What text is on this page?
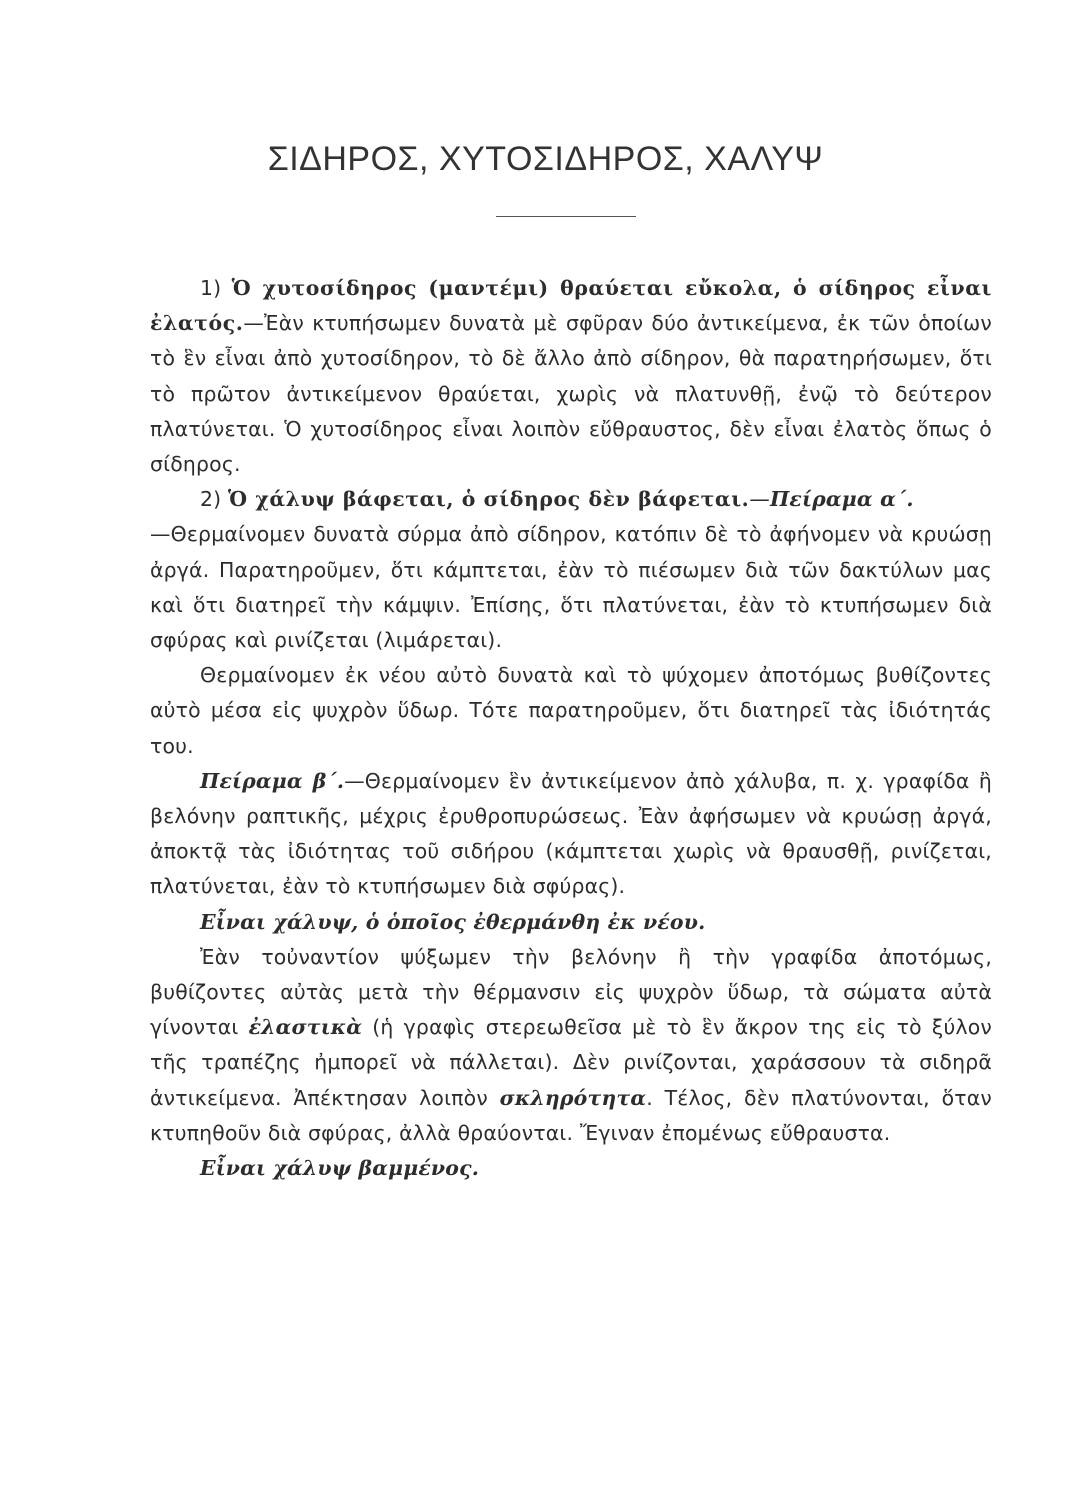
ΣΙΔΗΡΟΣ, ΧΥΤΟΣΙΔΗΡΟΣ, ΧΑΛΥΨ

1) Ὁ χυτοσίδηρος (μαντέμι) θραύεται εὔκολα, ὁ σίδηρος εἶναι ἐλατός.—Ἐὰν κτυπήσωμεν δυνατὰ μὲ σφῦραν δύο ἀντικείμενα, ἐκ τῶν ὁποίων τὸ ἓν εἶναι ἀπὸ χυτοσίδηρον, τὸ δὲ ἄλλο ἀπὸ σίδηρον, θὰ παρατηρήσωμεν, ὅτι τὸ πρῶτον ἀντικείμενον θραύεται, χωρὶς νὰ πλατυνθῇ, ἐνῷ τὸ δεύτερον πλατύνεται. Ὁ χυτοσίδηρος εἶναι λοιπὸν εὔθραυστος, δὲν εἶναι ἐλατὸς ὅπως ὁ σίδηρος.

2) Ὁ χάλυψ βάφεται, ὁ σίδηρος δὲν βάφεται.—Πείραμα α΄.

—Θερμαίνομεν δυνατὰ σύρμα ἀπὸ σίδηρον, κατόπιν δὲ τὸ ἀφήνομεν νὰ κρυώσῃ ἀργά. Παρατηροῦμεν, ὅτι κάμπτεται, ἐὰν τὸ πιέσωμεν διὰ τῶν δακτύλων μας καὶ ὅτι διατηρεῖ τὴν κάμψιν. Ἐπίσης, ὅτι πλατύνεται, ἐὰν τὸ κτυπήσωμεν διὰ σφύρας καὶ ρινίζεται (λιμάρεται).

Θερμαίνομεν ἐκ νέου αὐτὸ δυνατὰ καὶ τὸ ψύχομεν ἀποτόμως βυθίζοντες αὐτὸ μέσα εἰς ψυχρὸν ὕδωρ. Τότε παρατηροῦμεν, ὅτι διατηρεῖ τὰς ἰδιότητάς του.

Πείραμα β΄.—Θερμαίνομεν ἓν ἀντικείμενον ἀπὸ χάλυβα, π. χ. γραφίδα ἢ βελόνην ραπτικῆς, μέχρις ἐρυθροπυρώσεως. Ἐὰν ἀφήσωμεν νὰ κρυώσῃ ἀργά, ἀποκτᾷ τὰς ἰδιότητας τοῦ σιδήρου (κάμπτεται χωρὶς νὰ θραυσθῇ, ρινίζεται, πλατύνεται, ἐὰν τὸ κτυπήσωμεν διὰ σφύρας).

Εἶναι χάλυψ, ὁ ὁποῖος ἐθερμάνθη ἐκ νέου.

Ἐὰν τοὐναντίον ψύξωμεν τὴν βελόνην ἢ τὴν γραφίδα ἀποτόμως, βυθίζοντες αὐτὰς μετὰ τὴν θέρμανσιν εἰς ψυχρὸν ὕδωρ, τὰ σώματα αὐτὰ γίνονται ἐλαστικὰ (ἡ γραφὶς στερεωθεῖσα μὲ τὸ ἓν ἄκρον της εἰς τὸ ξύλον τῆς τραπέζης ἠμπορεῖ νὰ πάλλεται). Δὲν ρινίζονται, χαράσσουν τὰ σιδηρᾶ ἀντικείμενα. Ἀπέκτησαν λοιπὸν σκληρότητα. Τέλος, δὲν πλατύνονται, ὅταν κτυπηθοῦν διὰ σφύρας, ἀλλὰ θραύονται. Ἔγιναν ἐπομένως εὔθραυστα.

Εἶναι χάλυψ βαμμένος.
